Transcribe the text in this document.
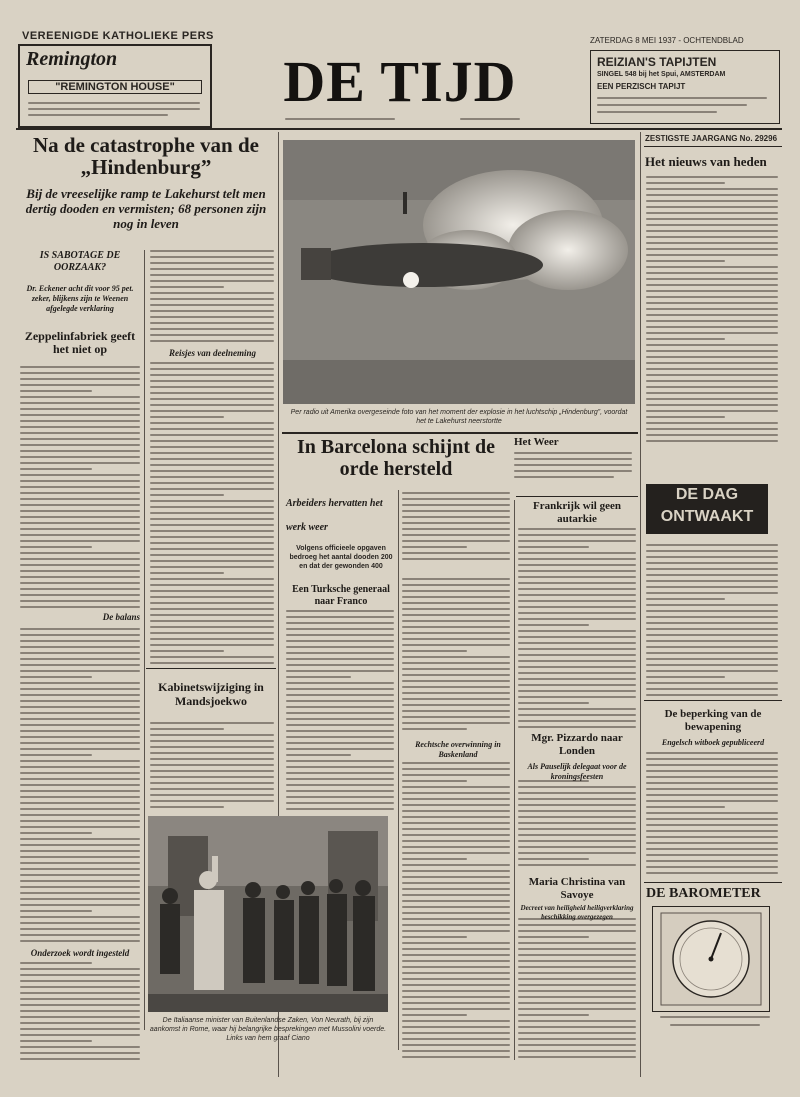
VEREENIGDE KATHOLIEKE PERS
Remington
"REMINGTON HOUSE"	DE TIJD
ZATERDAG 8 MEI 1937 - OCHTENDBLAD
REIZIAN'S TAPIJTEN
SINGEL 548 bij het Spui, AMSTERDAM
EEN PERZISCH TAPIJT
Na de catastrophe van de „Hindenburg”
Bij de vreeselijke ramp te Lakehurst telt men dertig dooden en vermisten; 68 personen zijn nog in leven
IS SABOTAGE DE OORZAAK?
Dr. Eckener acht dit voor 95 pet. zeker, blijkens zijn te Weenen afgelegde verklaring
Zeppelinfabriek geeft het niet op
De balans
Onderzoek wordt ingesteld
Reisjes van deelneming
Kabinetswijziging in Mandsjoekwo
De Italiaanse minister van Buitenlandse Zaken, Von Neurath, bij zijn aankomst in Rome, waar hij belangrijke besprekingen met Mussolini voerde. Links van hem graaf Ciano
Per radio uit Amerika overgeseinde foto van het moment der explosie in het luchtschip „Hindenburg”, voordat het te Lakehurst neerstortte
In Barcelona schijnt de orde hersteld
Het Weer
Arbeiders hervatten het werk weer
Volgens officieele opgaven bedroeg het aantal dooden 200 en dat der gewonden 400
Een Turksche generaal naar Franco
Rechtsche overwinning in Baskenland
Frankrijk wil geen autarkie
Mgr. Pizzardo naar Londen
Als Pauselijk delegaat voor de kroningsfeesten
Maria Christina van Savoye
Decreet van heiligheid heiligverklaring beschikking overgezegen
ZESTIGSTE JAARGANG No. 29296
Het nieuws van heden
DE DAG
ONTWAAKT
De beperking van de bewapening
Engelsch witboek gepubliceerd
DE BAROMETER
